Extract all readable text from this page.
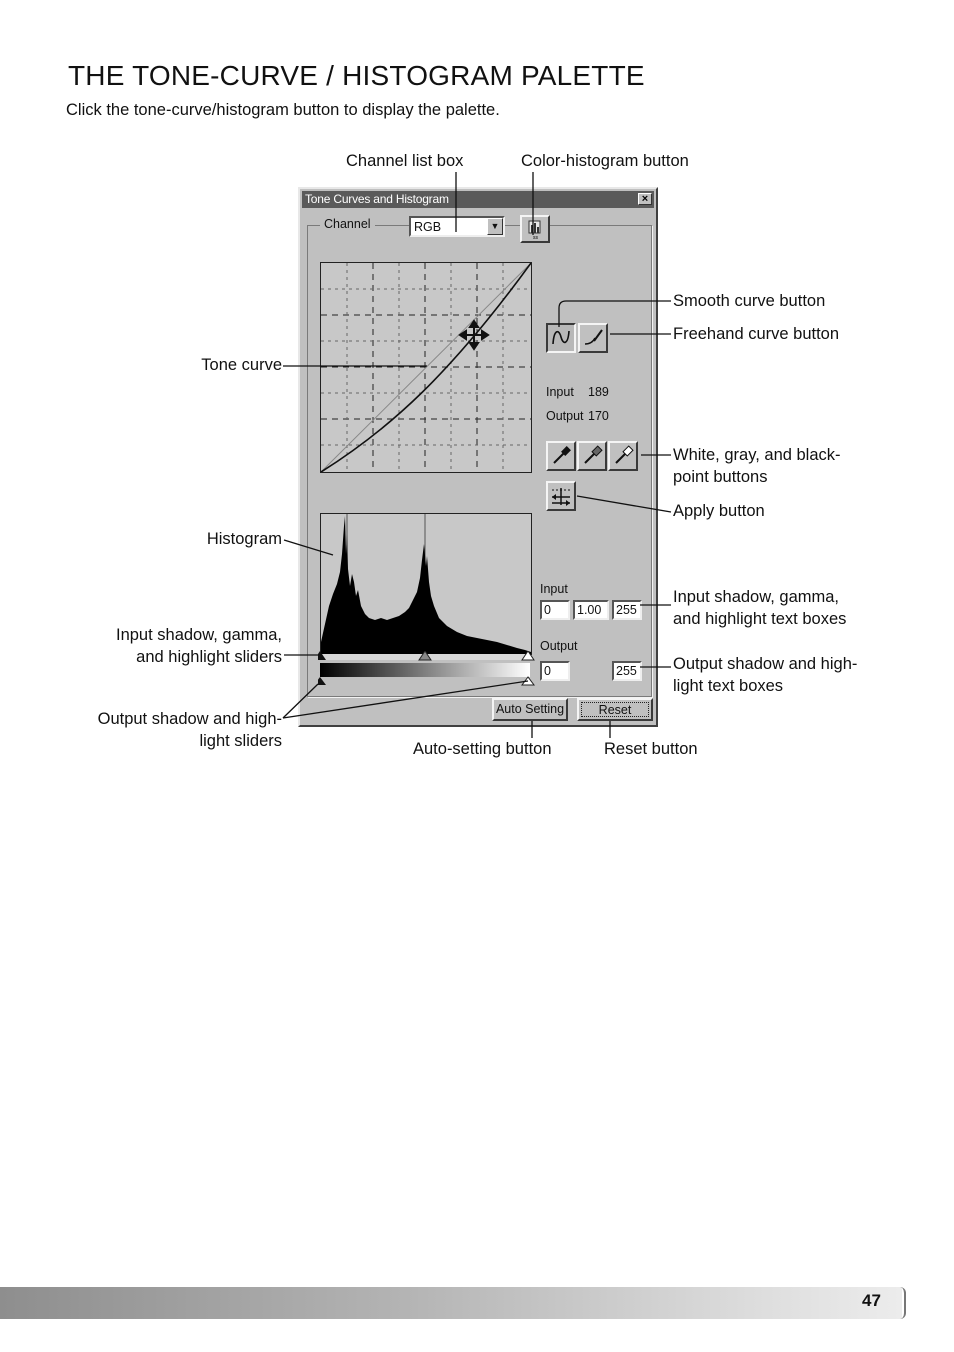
THE TONE-CURVE / HISTOGRAM PALETTE
Click the tone-curve/histogram button to display the palette.
Tone Curves and Histogram	×
Channel	RGB	▼
ss
Input 189
Output 170
Input
0	1.00	255
Output
0	255
Auto Setting	Reset
Channel list box	Color-histogram button
Smooth curve button
Freehand curve button
Tone curve
White, gray, and black-
point buttons
Apply button
Histogram
Input shadow, gamma,
and highlight text boxes
Input shadow, gamma,
and highlight sliders	Output shadow and high-
light text boxes
Output shadow and high-
light sliders	Auto-setting button	Reset button
47
